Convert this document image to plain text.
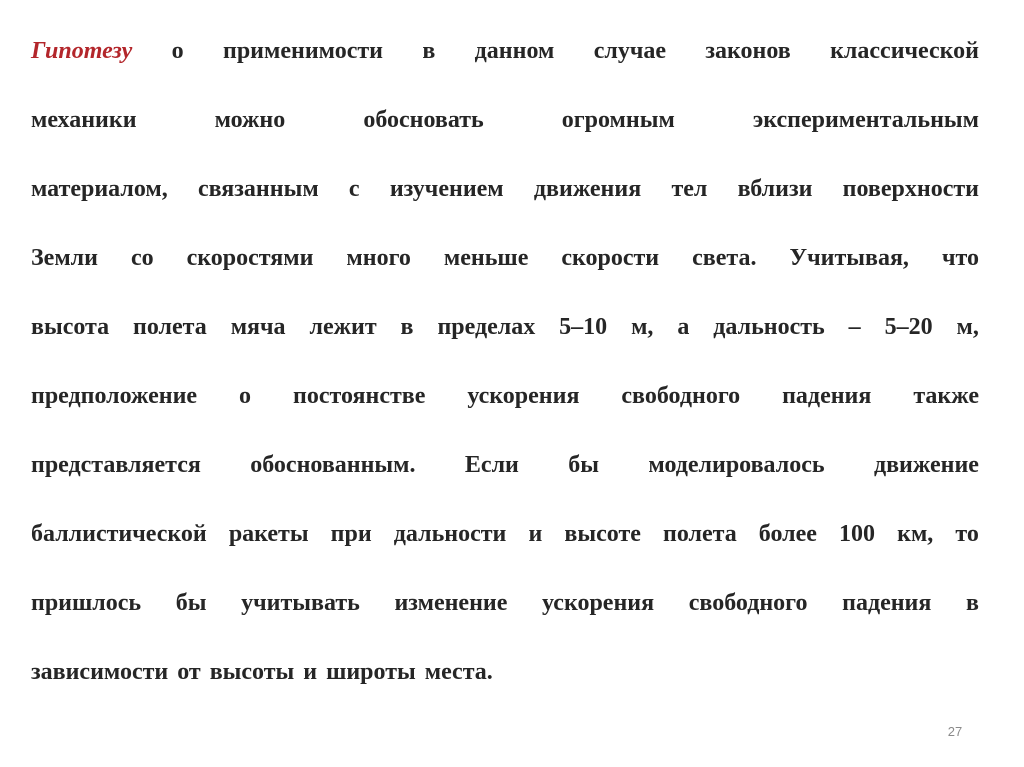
Гипотезу о применимости в данном случае законов классической
механики	можно	обосновать	огромным	экспериментальным
материалом, связанным с изучением движения тел вблизи поверхности
Земли со скоростями много меньше скорости света. Учитывая, что
высота полета мяча лежит в пределах 5–10 м, а дальность – 5–20 м,
предположение о постоянстве ускорения свободного падения также
представляется обоснованным. Если бы моделировалось движение
баллистической ракеты при дальности и высоте полета более 100 км, то
пришлось бы учитывать изменение ускорения свободного падения в
зависимости от высоты и широты места.
27
